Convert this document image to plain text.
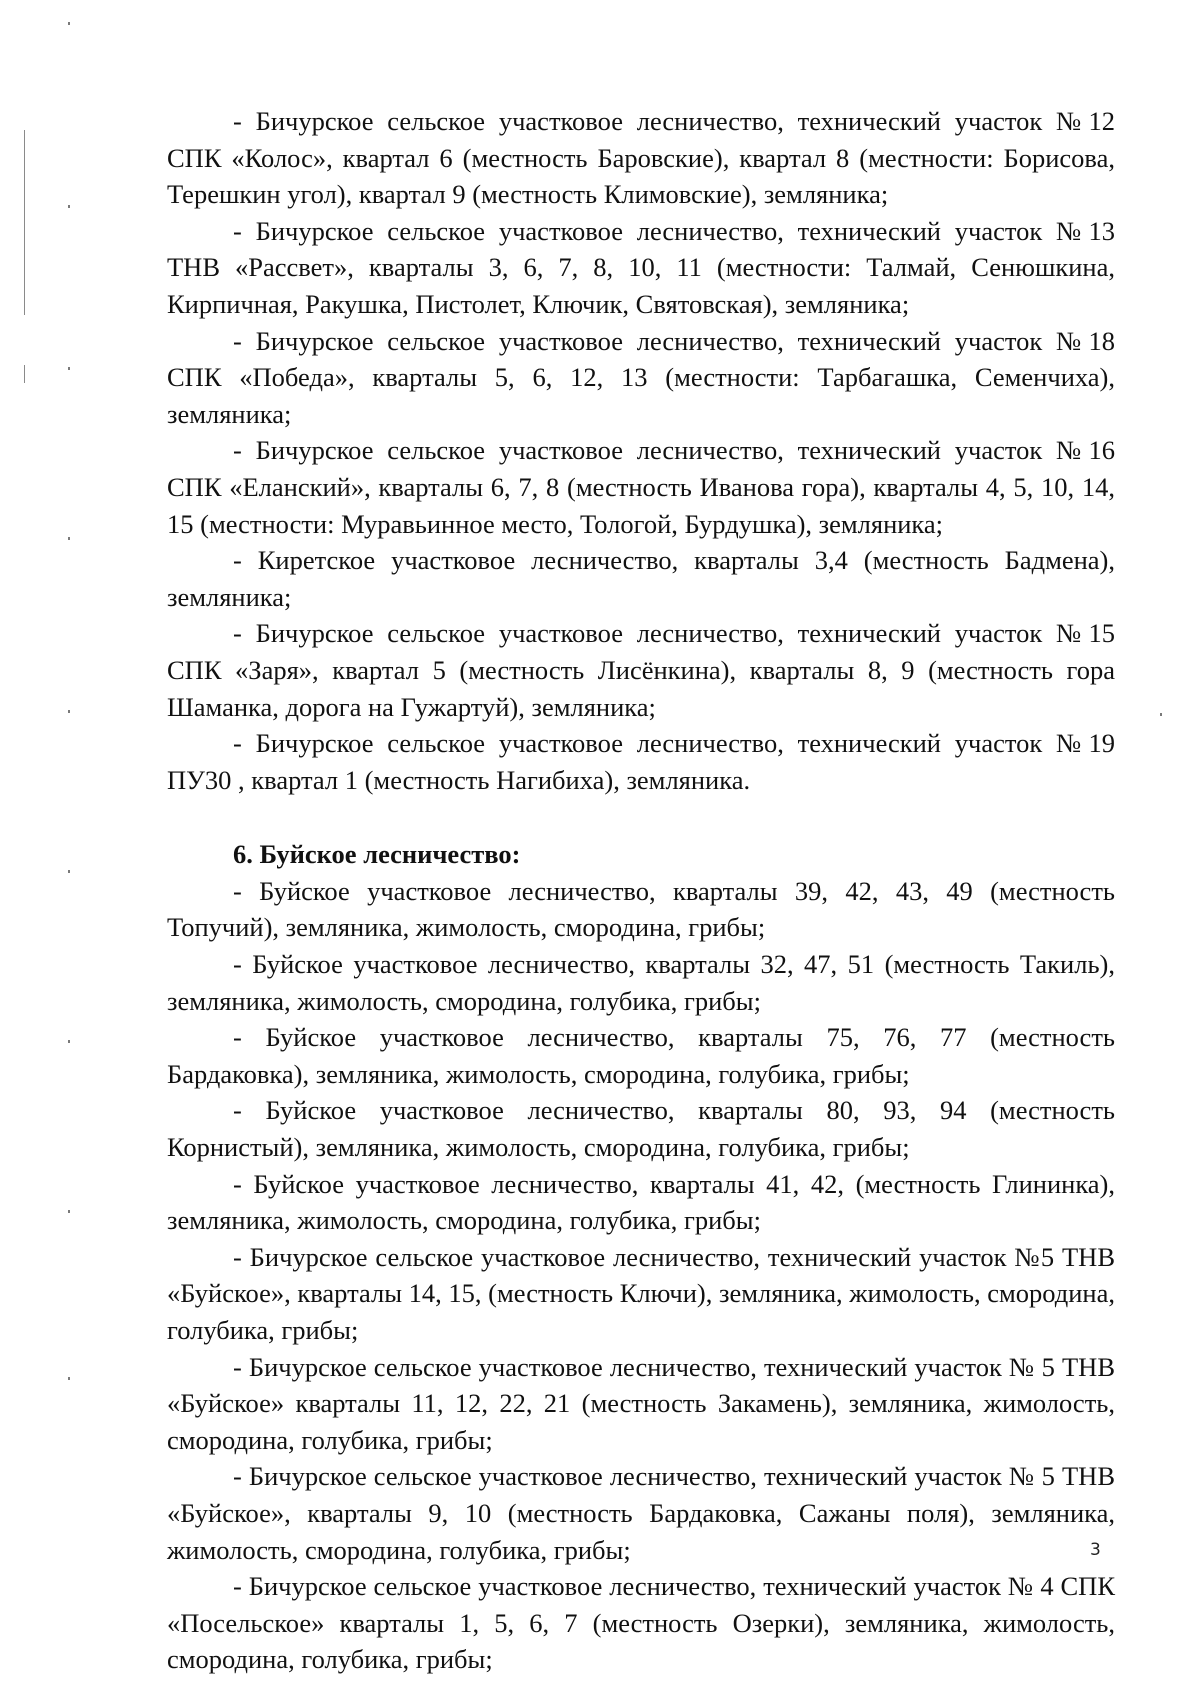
- Бичурское сельское участковое лесничество, технический участок №12 СПК «Колос», квартал 6 (местность Баровские), квартал 8 (местности: Борисова, Терешкин угол), квартал 9 (местность Климовские), земляника;

- Бичурское сельское участковое лесничество, технический участок №13 ТНВ «Рассвет», кварталы 3, 6, 7, 8, 10, 11 (местности: Талмай, Сенюшкина, Кирпичная, Ракушка, Пистолет, Ключик, Святовская), земляника;

- Бичурское сельское участковое лесничество, технический участок №18 СПК «Победа», кварталы 5, 6, 12, 13 (местности: Тарбагашка, Семенчиха), земляника;

- Бичурское сельское участковое лесничество, технический участок №16 СПК «Еланский», кварталы 6, 7, 8 (местность Иванова гора), кварталы 4, 5, 10, 14, 15 (местности: Муравьинное место, Тологой, Бурдушка), земляника;

- Киретское участковое лесничество, кварталы 3,4 (местность Бадмена), земляника;

- Бичурское сельское участковое лесничество, технический участок №15 СПК «Заря», квартал 5 (местность Лисёнкина), кварталы 8, 9 (местность гора Шаманка, дорога на Гужартуй), земляника;

- Бичурское сельское участковое лесничество, технический участок №19 ПУ30 , квартал 1 (местность Нагибиха), земляника.

6. Буйское лесничество:

- Буйское участковое лесничество, кварталы 39, 42, 43, 49 (местность Топучий), земляника, жимолость, смородина, грибы;

- Буйское участковое лесничество, кварталы 32, 47, 51 (местность Такиль), земляника, жимолость, смородина, голубика, грибы;

- Буйское участковое лесничество, кварталы 75, 76, 77 (местность Бардаковка), земляника, жимолость, смородина, голубика, грибы;

- Буйское участковое лесничество, кварталы 80, 93, 94 (местность Корнистый), земляника, жимолость, смородина, голубика, грибы;

- Буйское участковое лесничество, кварталы 41, 42, (местность Глининка), земляника, жимолость, смородина, голубика, грибы;

- Бичурское сельское участковое лесничество, технический участок №5 ТНВ «Буйское», кварталы 14, 15, (местность Ключи), земляника, жимолость, смородина, голубика, грибы;

- Бичурское сельское участковое лесничество, технический участок № 5 ТНВ «Буйское» кварталы 11, 12, 22, 21 (местность Закамень), земляника, жимолость, смородина, голубика, грибы;

- Бичурское сельское участковое лесничество, технический участок № 5 ТНВ «Буйское», кварталы 9, 10 (местность Бардаковка, Сажаны поля), земляника, жимолость, смородина, голубика, грибы;

- Бичурское сельское участковое лесничество, технический участок № 4 СПК «Посельское» кварталы 1, 5, 6, 7 (местность Озерки), земляника, жимолость, смородина, голубика, грибы;

3
